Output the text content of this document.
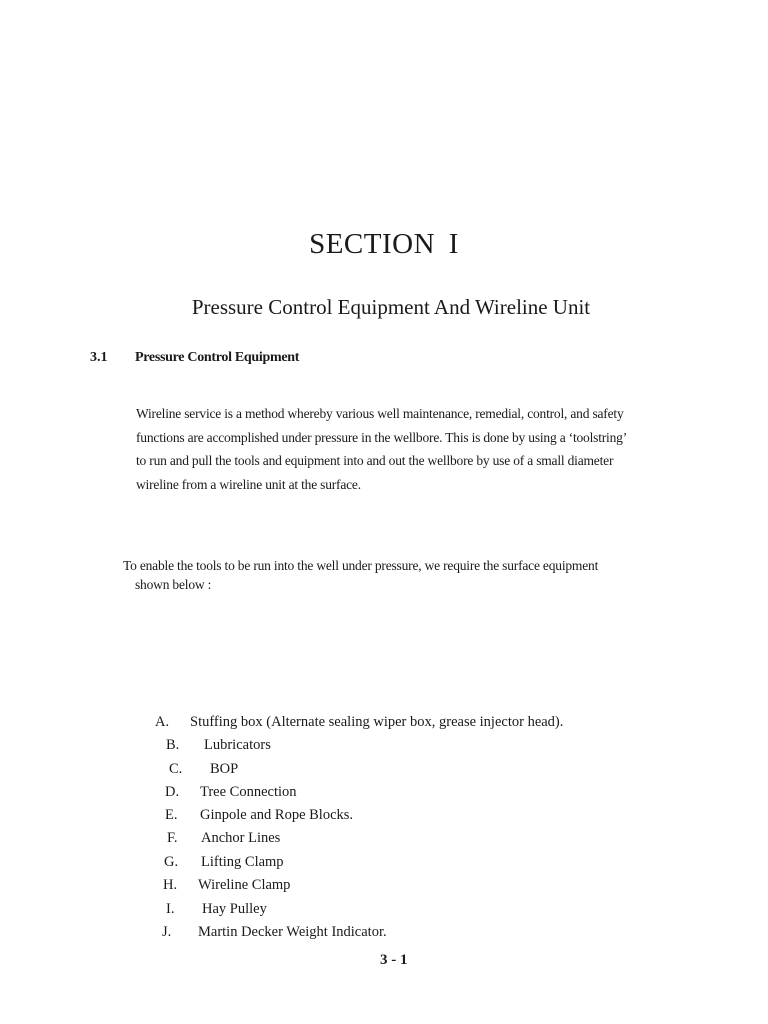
SECTION I
Pressure Control Equipment And Wireline Unit
3.1 Pressure Control Equipment
Wireline service is a method whereby various well maintenance, remedial, control, and safety
functions are accomplished under pressure in the wellbore. This is done by using a ‘toolstring’
to run and pull the tools and equipment into and out the wellbore by use of a small diameter
wireline from a wireline unit at the surface.
To enable the tools to be run into the well under pressure, we require the surface equipment
shown below :
A. Stuffing box (Alternate sealing wiper box, grease injector head).
B. Lubricators
C. BOP
D. Tree Connection
E. Ginpole and Rope Blocks.
F. Anchor Lines
G. Lifting Clamp
H. Wireline Clamp
I. Hay Pulley
J. Martin Decker Weight Indicator.
3 - 1
